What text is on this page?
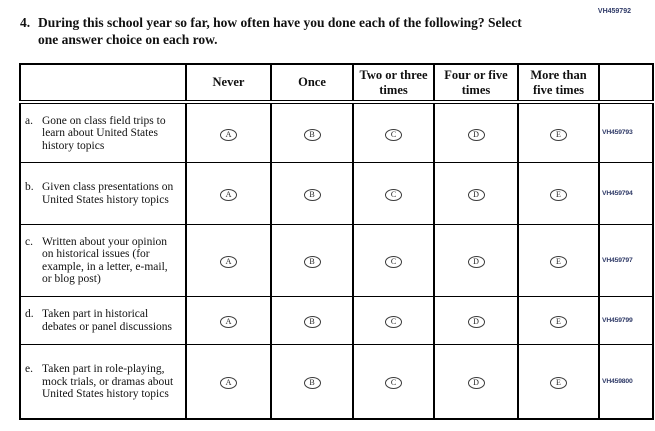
VH459792
4. During this school year so far, how often have you done each of the following? Select
one answer choice on each row.
	Never	Once	Two or three times	Four or five times	More than five times	

a. Gone on class field trips to learn about United States history topics	A	B	C	D	E	VH459793

b. Given class presentations on United States history topics	A	B	C	D	E	VH459794

c. Written about your opinion on historical issues (for example, in a letter, e-mail, or blog post)	A	B	C	D	E	VH459797

d. Taken part in historical debates or panel discussions	A	B	C	D	E	VH459799

e. Taken part in role-playing, mock trials, or dramas about United States history topics	A	B	C	D	E	VH459800
